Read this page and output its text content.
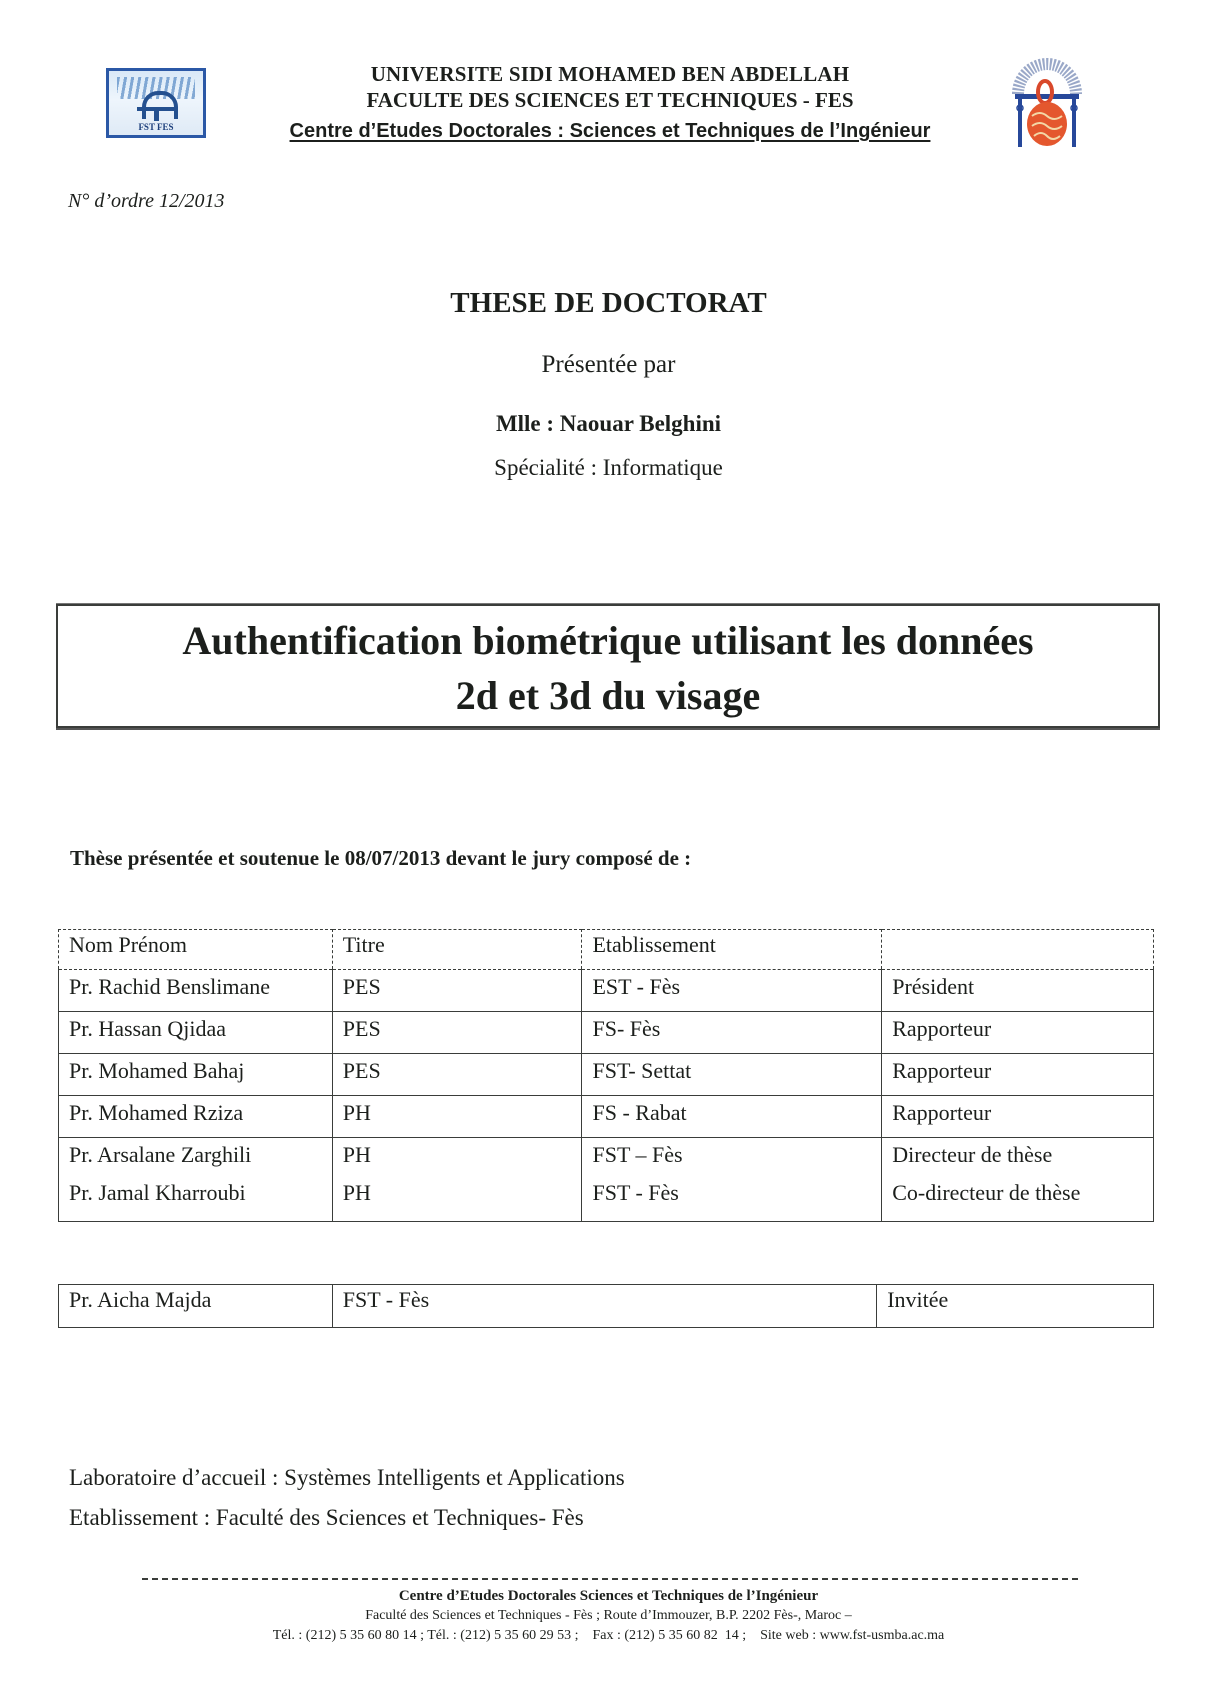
FST FES
UNIVERSITE SIDI MOHAMED BEN ABDELLAH
FACULTE DES SCIENCES ET TECHNIQUES - FES
Centre d’Etudes Doctorales : Sciences et Techniques de l’Ingénieur
N° d’ordre 12/2013
THESE DE DOCTORAT
Présentée par
Mlle : Naouar Belghini
Spécialité : Informatique
Authentification biométrique utilisant les données
2d et 3d du visage
Thèse présentée et soutenue le 08/07/2013 devant le jury composé de :
Nom Prénom	Titre	Etablissement	
Pr. Rachid Benslimane	PES	EST - Fès	Président
Pr. Hassan Qjidaa	PES	FS- Fès	Rapporteur
Pr. Mohamed Bahaj	PES	FST- Settat	Rapporteur
Pr. Mohamed Rziza	PH	FS - Rabat	Rapporteur
Pr. Arsalane Zarghili	PH	FST – Fès	Directeur de thèse
Pr. Jamal Kharroubi	PH	FST - Fès	Co-directeur de thèse
Pr. Aicha Majda	FST - Fès	Invitée
Laboratoire d’accueil : Systèmes Intelligents et Applications
Etablissement : Faculté des Sciences et Techniques- Fès
Centre d’Etudes Doctorales Sciences et Techniques de l’Ingénieur
Faculté des Sciences et Techniques - Fès ; Route d’Immouzer, B.P. 2202 Fès-, Maroc –
Tél. : (212) 5 35 60 80 14 ; Tél. : (212) 5 35 60 29 53 ;    Fax : (212) 5 35 60 82  14 ;    Site web : www.fst-usmba.ac.ma
